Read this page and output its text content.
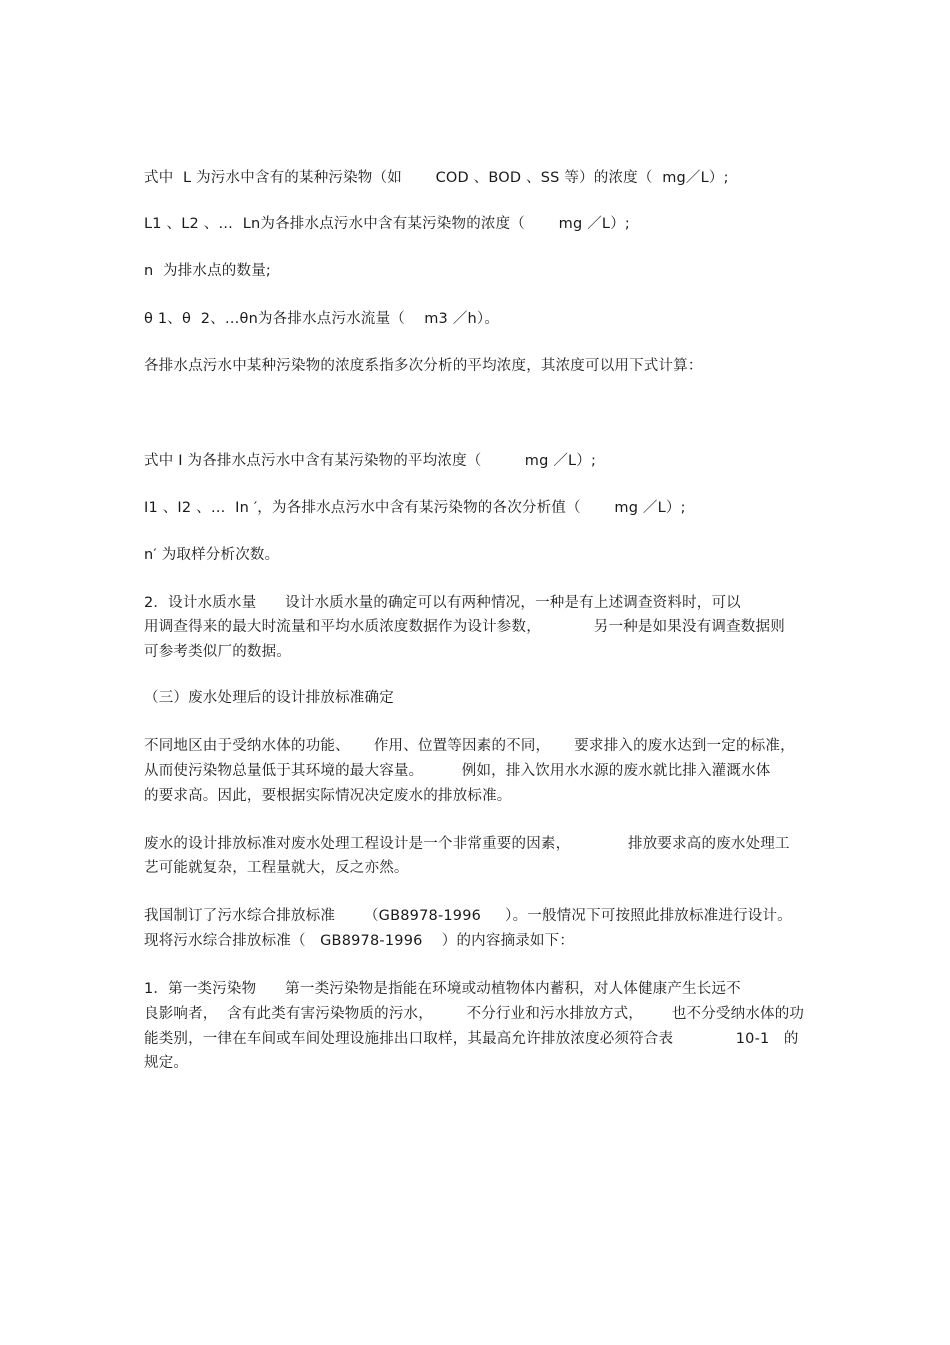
式中  L 为污水中含有的某种污染物（如       COD 、BOD 、SS 等）的浓度（  mg／L）;
L1 、L2 、…  Ln为各排水点污水中含有某污染物的浓度（       mg ／L）;
n  为排水点的数量;
θ 1、θ  2、…θn为各排水点污水流量（    m3 ／h）。
各排水点污水中某种污染物的浓度系指多次分析的平均浓度，其浓度可以用下式计算：
式中 I 为各排水点污水中含有某污染物的平均浓度（         mg ／L）;
I1 、I2 、…  In ′，为各排水点污水中含有某污染物的各次分析值（       mg ／L）;
n′ 为取样分析次数。
2．设计水质水量      设计水质水量的确定可以有两种情况，一种是有上述调查资料时，可以
用调查得来的最大时流量和平均水质浓度数据作为设计参数，           另一种是如果没有调查数据则
可参考类似厂的数据。
（三）废水处理后的设计排放标准确定
不同地区由于受纳水体的功能、     作用、位置等因素的不同，     要求排入的废水达到一定的标准，
从而使污染物总量低于其环境的最大容量。        例如，排入饮用水水源的废水就比排入灌溉水体
的要求高。因此，要根据实际情况决定废水的排放标准。
废水的设计排放标准对废水处理工程设计是一个非常重要的因素，            排放要求高的废水处理工
艺可能就复杂，工程量就大，反之亦然。
我国制订了污水综合排放标准      （GB8978-1996     ）。一般情况下可按照此排放标准进行设计。
现将污水综合排放标准（   GB8978-1996    ）的内容摘录如下：
1．第一类污染物      第一类污染物是指能在环境或动植物体内蓄积，对人体健康产生长远不
良影响者，  含有此类有害污染物质的污水，       不分行业和污水排放方式，      也不分受纳水体的功
能类别，一律在车间或车间处理设施排出口取样，其最高允许排放浓度必须符合表             10-1   的
规定。
